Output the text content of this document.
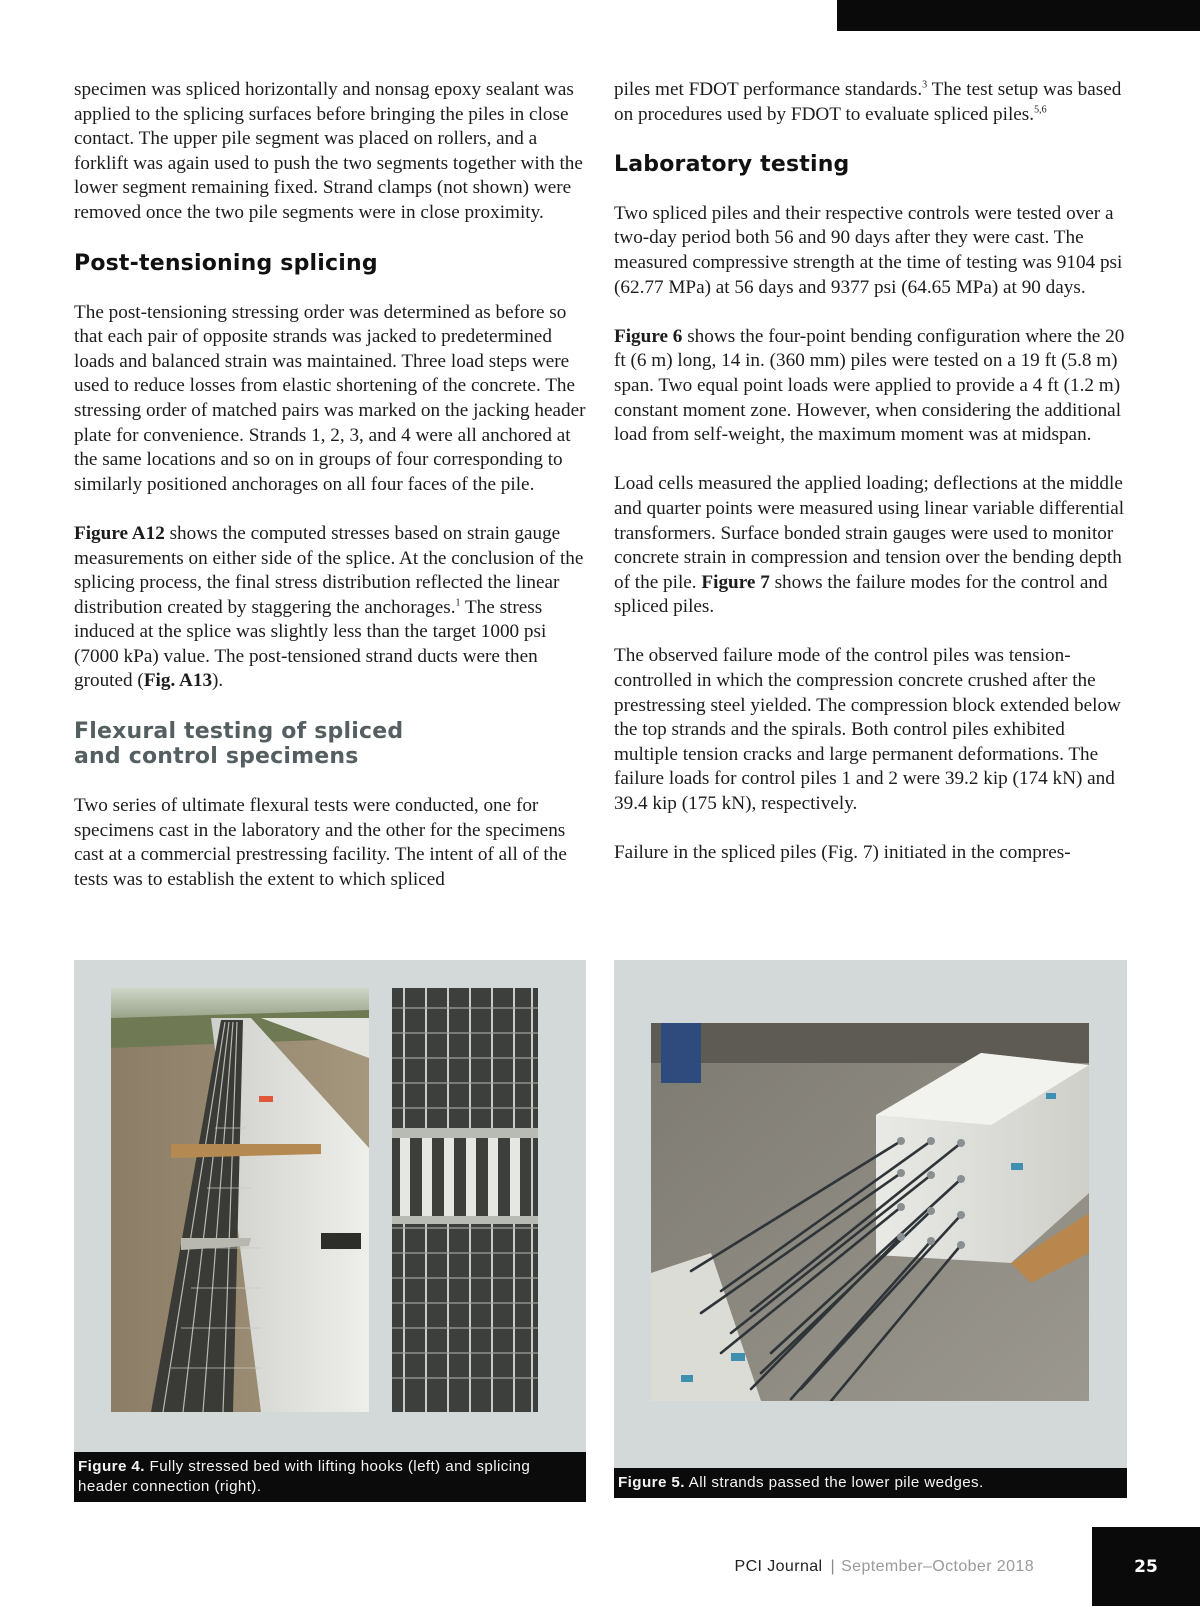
specimen was spliced horizontally and nonsag epoxy sealant was applied to the splicing surfaces before bringing the piles in close contact. The upper pile segment was placed on rollers, and a forklift was again used to push the two segments together with the lower segment remaining fixed. Strand clamps (not shown) were removed once the two pile segments were in close proximity.

Post-tensioning splicing

The post-tensioning stressing order was determined as before so that each pair of opposite strands was jacked to predetermined loads and balanced strain was maintained. Three load steps were used to reduce losses from elastic shortening of the concrete. The stressing order of matched pairs was marked on the jacking header plate for convenience. Strands 1, 2, 3, and 4 were all anchored at the same locations and so on in groups of four corresponding to similarly positioned anchorages on all four faces of the pile.

Figure A12 shows the computed stresses based on strain gauge measurements on either side of the splice. At the conclusion of the splicing process, the final stress distribution reflected the linear distribution created by staggering the anchorages.$^1$ The stress induced at the splice was slightly less than the target 1000 psi (7000 kPa) value. The post-tensioned strand ducts were then grouted (Fig. A13).

Flexural testing of spliced
and control specimens

Two series of ultimate flexural tests were conducted, one for specimens cast in the laboratory and the other for the specimens cast at a commercial prestressing facility. The intent of all of the tests was to establish the extent to which spliced

piles met FDOT performance standards.$^3$ The test setup was based on procedures used by FDOT to evaluate spliced piles.$^{5,6}$

Laboratory testing

Two spliced piles and their respective controls were tested over a two-day period both 56 and 90 days after they were cast. The measured compressive strength at the time of testing was 9104 psi (62.77 MPa) at 56 days and 9377 psi (64.65 MPa) at 90 days.

Figure 6 shows the four-point bending configuration where the 20 ft (6 m) long, 14 in. (360 mm) piles were tested on a 19 ft (5.8 m) span. Two equal point loads were applied to provide a 4 ft (1.2 m) constant moment zone. However, when considering the additional load from self-weight, the maximum moment was at midspan.

Load cells measured the applied loading; deflections at the middle and quarter points were measured using linear variable differential transformers. Surface bonded strain gauges were used to monitor concrete strain in compression and tension over the bending depth of the pile. Figure 7 shows the failure modes for the control and spliced piles.

The observed failure mode of the control piles was tension-controlled in which the compression concrete crushed after the prestressing steel yielded. The compression block extended below the top strands and the spirals. Both control piles exhibited multiple tension cracks and large permanent deformations. The failure loads for control piles 1 and 2 were 39.2 kip (174 kN) and 39.4 kip (175 kN), respectively.

Failure in the spliced piles (Fig. 7) initiated in the compres-

Figure 4. Fully stressed bed with lifting hooks (left) and splicing header connection (right).	Figure 5. All strands passed the lower pile wedges.
PCI Journal | September–October 2018	25
